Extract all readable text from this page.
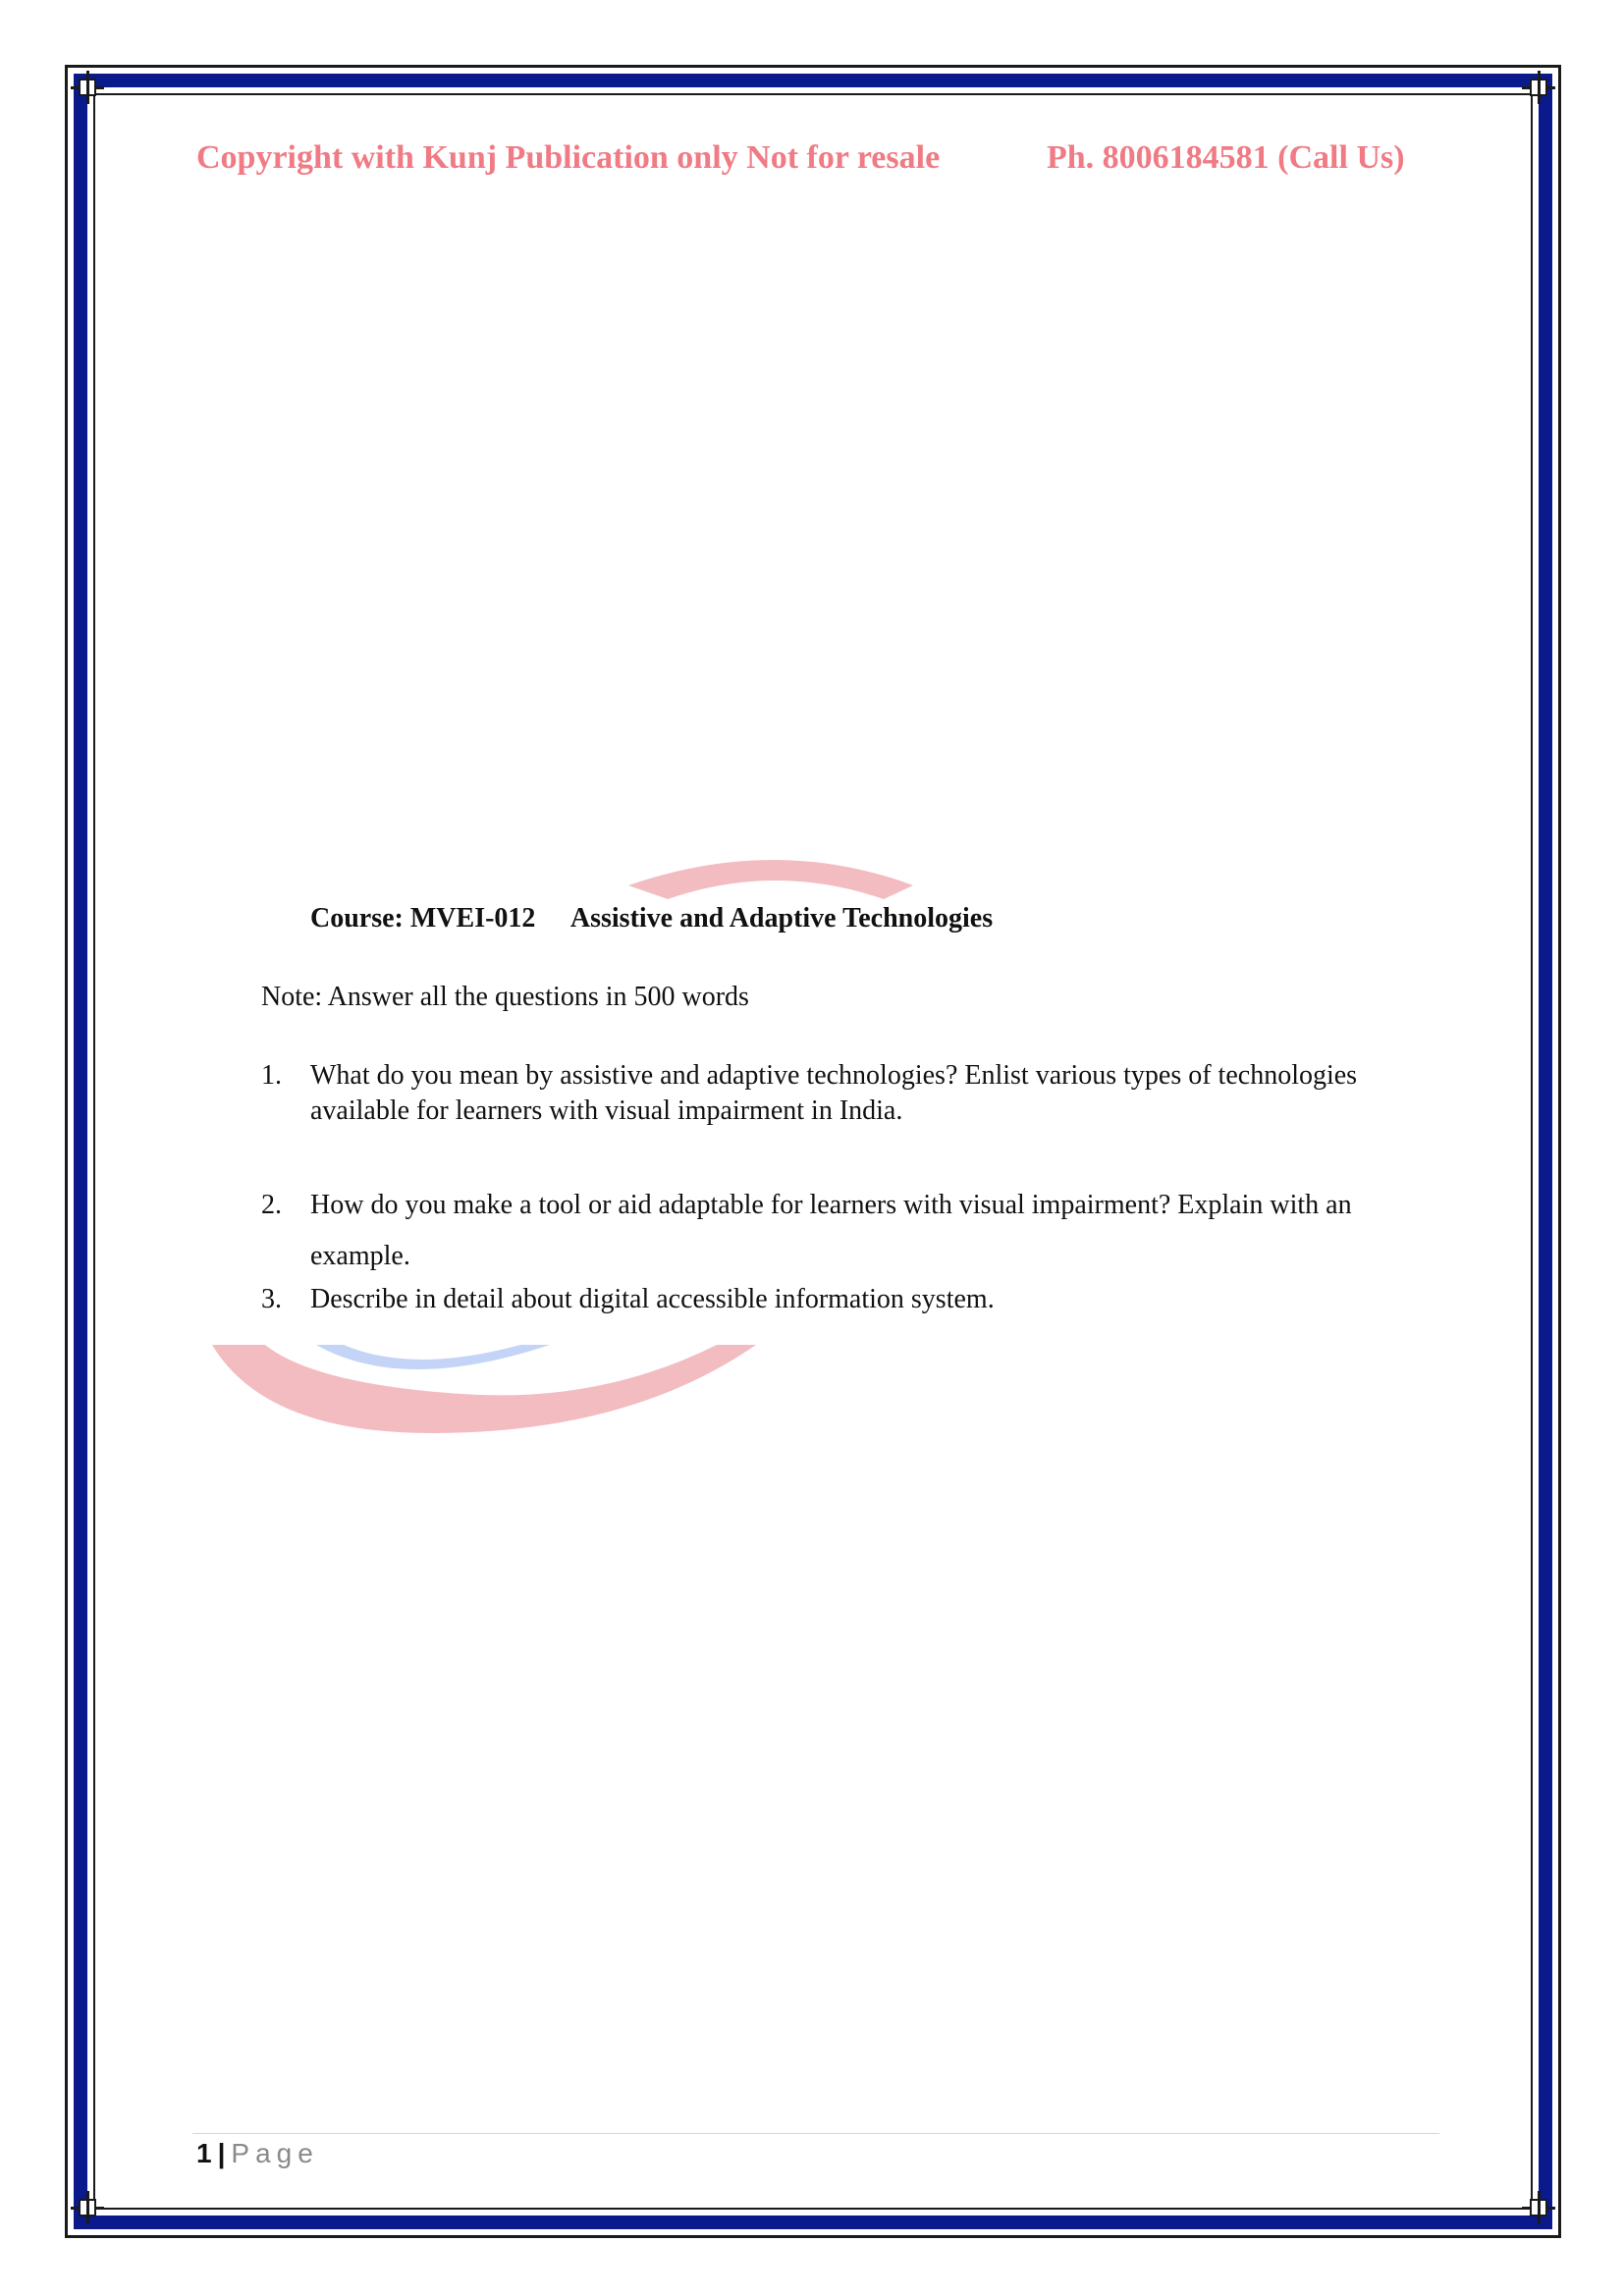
Copyright with Kunj Publication only Not for resale	Ph. 8006184581 (Call Us)
Course: MVEI-012 Assistive and Adaptive Technologies
Note: Answer all the questions in 500 words
1. What do you mean by assistive and adaptive technologies? Enlist various types of technologies available for learners with visual impairment in India.
2. How do you make a tool or aid adaptable for learners with visual impairment? Explain with an example.
3. Describe in detail about digital accessible information system.
1 | Page
